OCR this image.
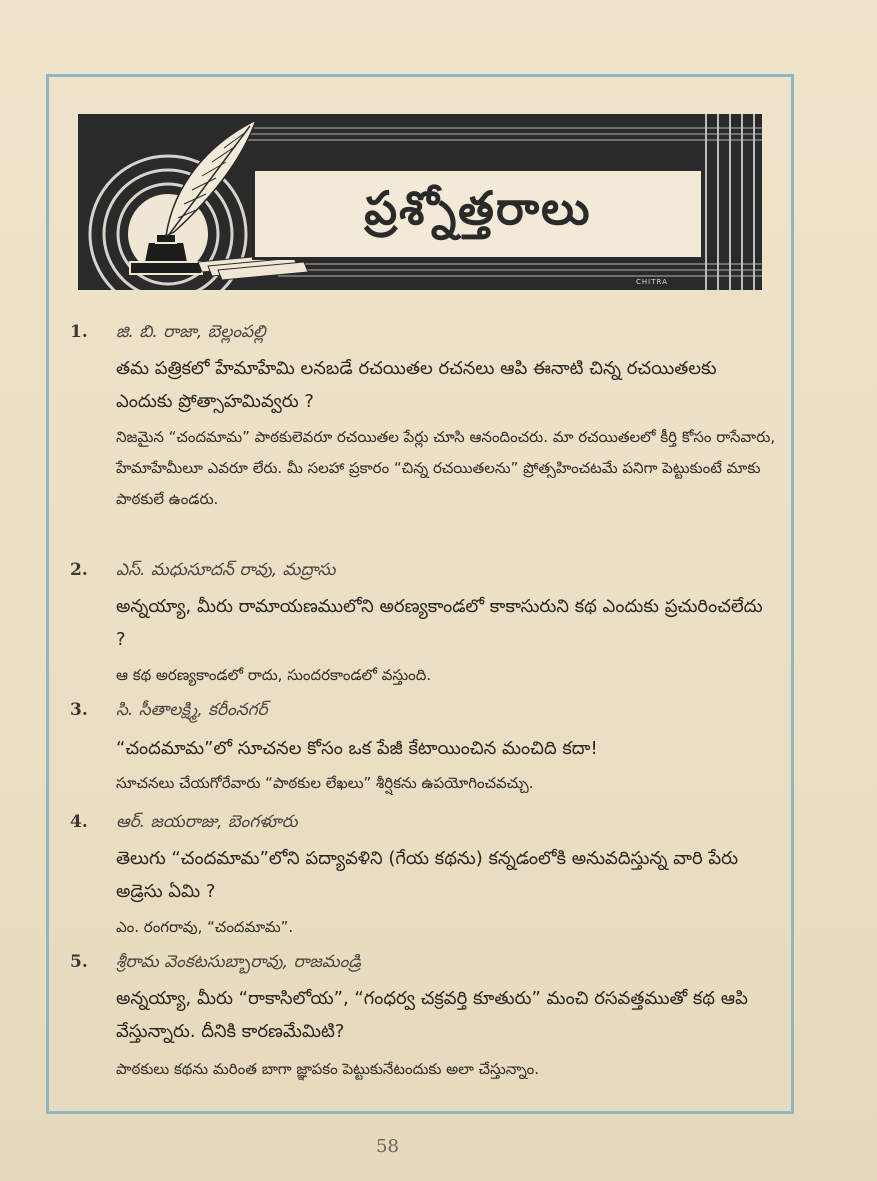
ప్రశ్నోత్తరాలు
CHITRA
1. జి. బి. రాజా, బెల్లంపల్లి
తమ పత్రికలో హేమాహేమి లనబడే రచయితల రచనలు ఆపి ఈనాటి చిన్న రచయితలకు ఎందుకు ప్రోత్సాహమివ్వరు ?
నిజమైన “చందమామ” పాఠకులెవరూ రచయితల పేర్లు చూసి ఆనందించరు. మా రచయితలలో కీర్తి కోసం రాసేవారు, హేమాహేమీలూ ఎవరూ లేరు. మీ సలహా ప్రకారం “చిన్న రచయితలను” ప్రోత్సహించటమే పనిగా పెట్టుకుంటే మాకు పాఠకులే ఉండరు.
2. ఎస్. మధుసూదన్ రావు, మద్రాసు
అన్నయ్యా, మీరు రామాయణములోని అరణ్యకాండలో కాకాసురుని కథ ఎందుకు ప్రచురించలేదు ?
ఆ కథ అరణ్యకాండలో రాదు, సుందరకాండలో వస్తుంది.
3. సి. సీతాలక్ష్మి, కరీంనగర్
“చందమామ”లో సూచనల కోసం ఒక పేజీ కేటాయించిన మంచిది కదా!
సూచనలు చేయగోరేవారు “పాఠకుల లేఖలు” శీర్షికను ఉపయోగించవచ్చు.
4. ఆర్. జయరాజు, బెంగళూరు
తెలుగు “చందమామ”లోని పద్యావళిని (గేయ కథను) కన్నడంలోకి అనువదిస్తున్న వారి పేరు అడ్రెసు ఏమి ?
ఎం. రంగరావు, “చందమామ”.
5. శ్రీరామ వెంకటసుబ్బారావు, రాజమండ్రి
అన్నయ్యా, మీరు “రాకాసిలోయ”, “గంధర్వ చక్రవర్తి కూతురు” మంచి రసవత్తముతో కథ ఆపి వేస్తున్నారు. దీనికి కారణమేమిటి?
పాఠకులు కథను మరింత బాగా జ్ఞాపకం పెట్టుకునేటందుకు అలా చేస్తున్నాం.
58
